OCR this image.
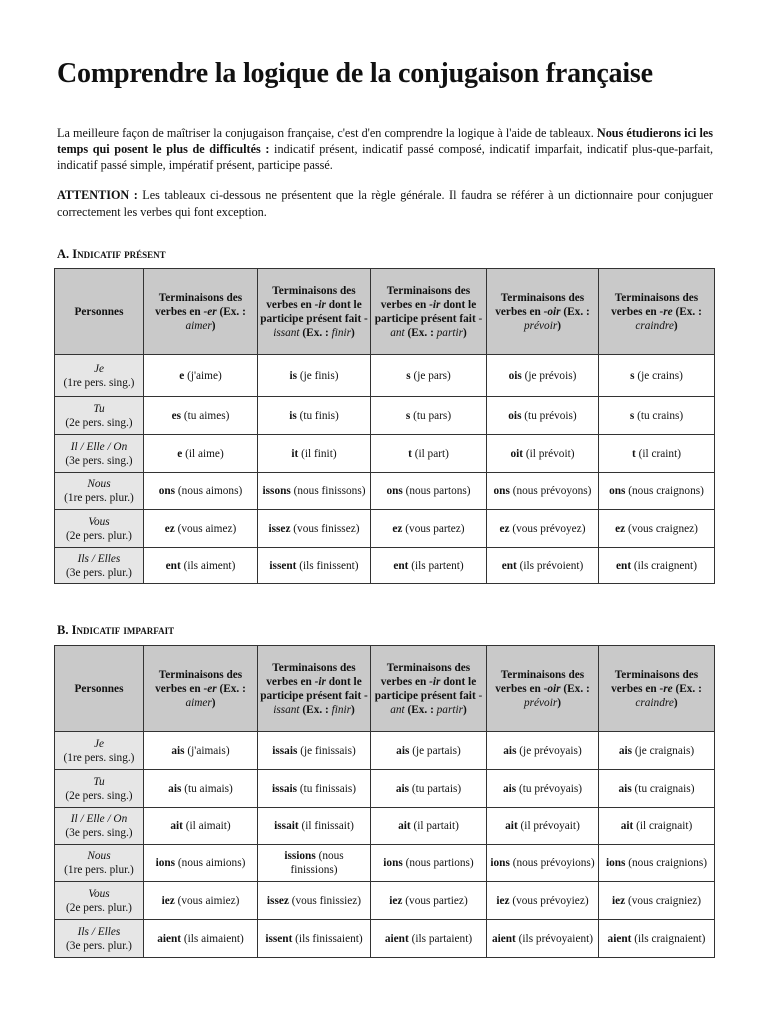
Comprendre la logique de la conjugaison française

La meilleure façon de maîtriser la conjugaison française, c'est d'en comprendre la logique à l'aide de tableaux. Nous étudierons ici les temps qui posent le plus de difficultés : indicatif présent, indicatif passé composé, indicatif imparfait, indicatif plus-que-parfait, indicatif passé simple, impératif présent, participe passé.

ATTENTION : Les tableaux ci-dessous ne présentent que la règle générale. Il faudra se référer à un dictionnaire pour conjuguer correctement les verbes qui font exception.

A. Indicatif présent
Personnes	Terminaisons des verbes en -er (Ex. : aimer)	Terminaisons des verbes en -ir dont le participe présent fait - issant (Ex. : finir)	Terminaisons des verbes en -ir dont le participe présent fait -ant (Ex. : partir)	Terminaisons des verbes en -oir (Ex. : prévoir)	Terminaisons des verbes en -re (Ex. : craindre)

Je
(1re pers. sing.)	e (j'aime)	is (je finis)	s (je pars)	ois (je prévois)	s (je crains)

Tu
(2e pers. sing.)	es (tu aimes)	is (tu finis)	s (tu pars)	ois (tu prévois)	s (tu crains)

Il / Elle / On
(3e pers. sing.)	e (il aime)	it (il finit)	t (il part)	oit (il prévoit)	t (il craint)

Nous
(1re pers. plur.)	ons (nous aimons)	issons (nous finissons)	ons (nous partons)	ons (nous prévoyons)	ons (nous craignons)

Vous
(2e pers. plur.)	ez (vous aimez)	issez (vous finissez)	ez (vous partez)	ez (vous prévoyez)	ez (vous craignez)

Ils / Elles
(3e pers. plur.)	ent (ils aiment)	issent (ils finissent)	ent (ils partent)	ent (ils prévoient)	ent (ils craignent)
B. Indicatif imparfait
Personnes	Terminaisons des verbes en -er (Ex. : aimer)	Terminaisons des verbes en -ir dont le participe présent fait - issant (Ex. : finir)	Terminaisons des verbes en -ir dont le participe présent fait -ant (Ex. : partir)	Terminaisons des verbes en -oir (Ex. : prévoir)	Terminaisons des verbes en -re (Ex. : craindre)

Je
(1re pers. sing.)	ais (j'aimais)	issais (je finissais)	ais (je partais)	ais (je prévoyais)	ais (je craignais)

Tu
(2e pers. sing.)	ais (tu aimais)	issais (tu finissais)	ais (tu partais)	ais (tu prévoyais)	ais (tu craignais)

Il / Elle / On
(3e pers. sing.)	ait (il aimait)	issait (il finissait)	ait (il partait)	ait (il prévoyait)	ait (il craignait)

Nous
(1re pers. plur.)	ions (nous aimions)	issions (nous finissions)	ions (nous partions)	ions (nous prévoyions)	ions (nous craignions)

Vous
(2e pers. plur.)	iez (vous aimiez)	issez (vous finissiez)	iez (vous partiez)	iez (vous prévoyiez)	iez (vous craigniez)

Ils / Elles
(3e pers. plur.)	aient (ils aimaient)	issent (ils finissaient)	aient (ils partaient)	aient (ils prévoyaient)	aient (ils craignaient)
